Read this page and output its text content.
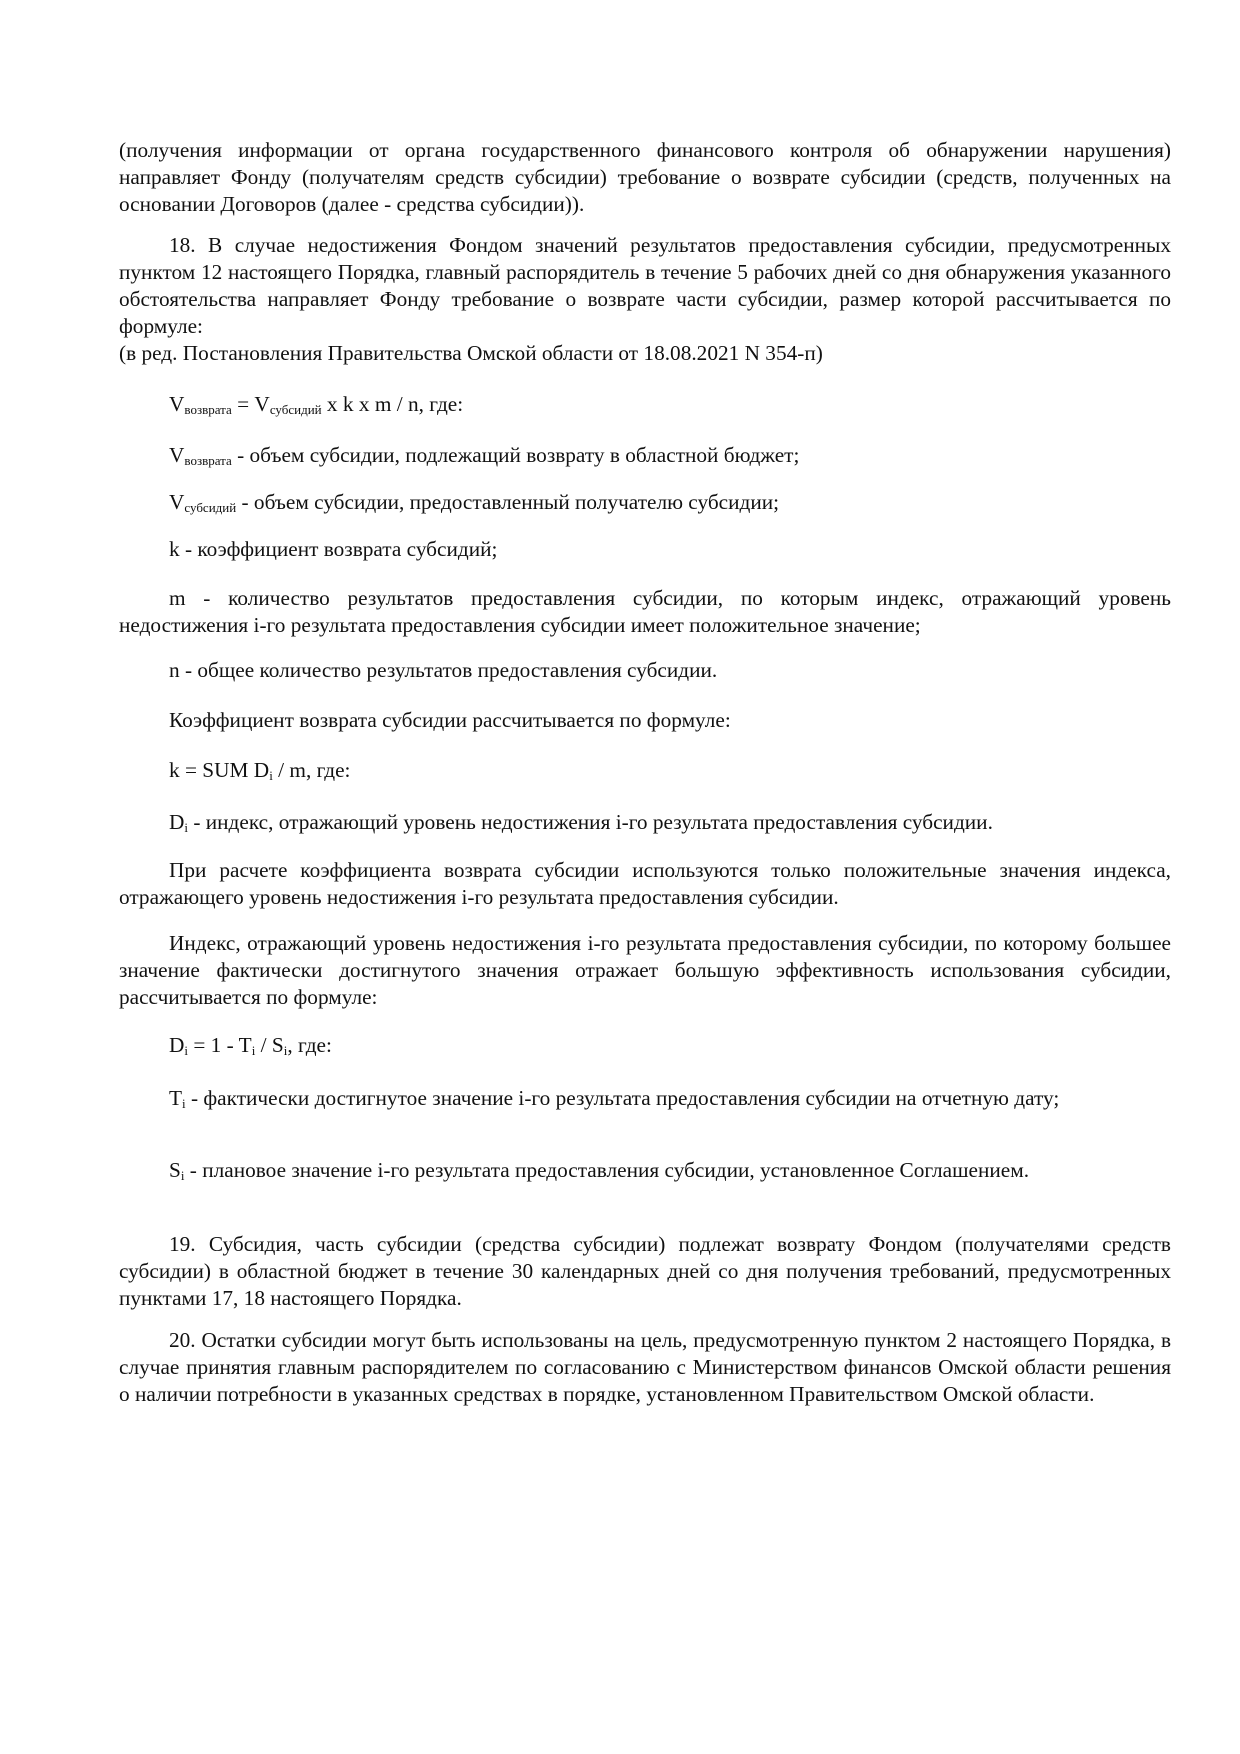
(получения информации от органа государственного финансового контроля об обнаружении нарушения) направляет Фонду (получателям средств субсидии) требование о возврате субсидии (средств, полученных на основании Договоров (далее - средства субсидии)).

18. В случае недостижения Фондом значений результатов предоставления субсидии, предусмотренных пунктом 12 настоящего Порядка, главный распорядитель в течение 5 рабочих дней со дня обнаружения указанного обстоятельства направляет Фонду требование о возврате части субсидии, размер которой рассчитывается по формуле:

(в ред. Постановления Правительства Омской области от 18.08.2021 N 354-п)

$V_{возврата} = V_{субсидий}$ x k x m / n, где:

$V_{возврата}$ - объем субсидии, подлежащий возврату в областной бюджет;

$V_{субсидий}$ - объем субсидии, предоставленный получателю субсидии;

k - коэффициент возврата субсидий;

m - количество результатов предоставления субсидии, по которым индекс, отражающий уровень недостижения i-го результата предоставления субсидии имеет положительное значение;

n - общее количество результатов предоставления субсидии.

Коэффициент возврата субсидии рассчитывается по формуле:

k = SUM $D_i$ / m, где:

$D_i$ - индекс, отражающий уровень недостижения i-го результата предоставления субсидии.

При расчете коэффициента возврата субсидии используются только положительные значения индекса, отражающего уровень недостижения i-го результата предоставления субсидии.

Индекс, отражающий уровень недостижения i-го результата предоставления субсидии, по которому большее значение фактически достигнутого значения отражает большую эффективность использования субсидии, рассчитывается по формуле:

$D_i = 1 - T_i / S_i$, где:

$T_i$ - фактически достигнутое значение i-го результата предоставления субсидии на отчетную дату;

$S_i$ - плановое значение i-го результата предоставления субсидии, установленное Соглашением.

19. Субсидия, часть субсидии (средства субсидии) подлежат возврату Фондом (получателями средств субсидии) в областной бюджет в течение 30 календарных дней со дня получения требований, предусмотренных пунктами 17, 18 настоящего Порядка.

20. Остатки субсидии могут быть использованы на цель, предусмотренную пунктом 2 настоящего Порядка, в случае принятия главным распорядителем по согласованию с Министерством финансов Омской области решения о наличии потребности в указанных средствах в порядке, установленном Правительством Омской области.
